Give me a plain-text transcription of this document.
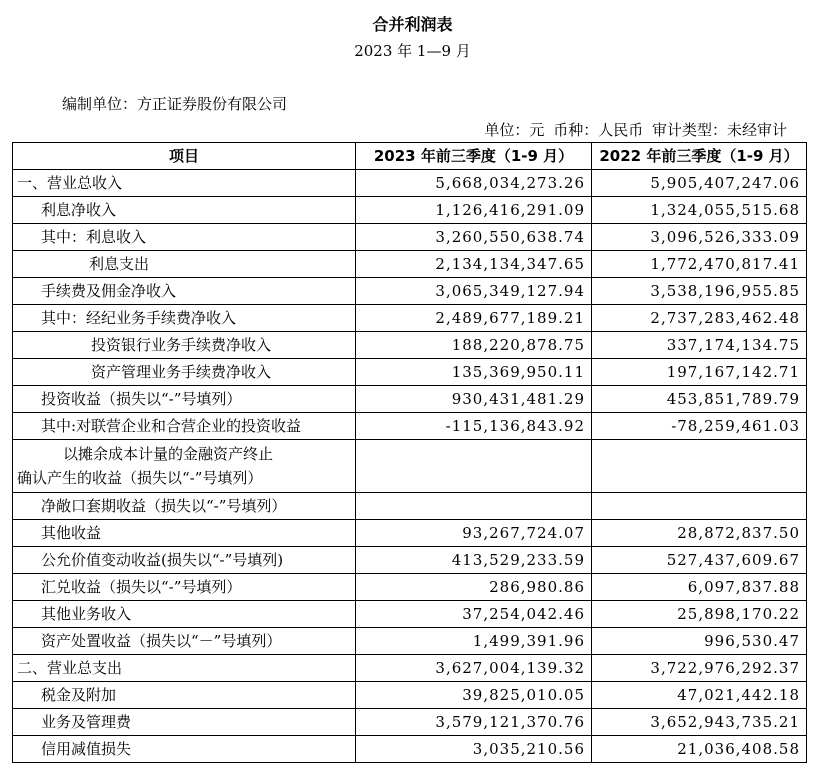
合并利润表
2023 年 1—9 月
编制单位：方正证券股份有限公司
单位：元 币种：人民币 审计类型：未经审计
项目	2023 年前三季度（1-9 月）	2022 年前三季度（1-9 月）
一、营业总收入	5,668,034,273.26	5,905,407,247.06
利息净收入	1,126,416,291.09	1,324,055,515.68
其中：利息收入	3,260,550,638.74	3,096,526,333.09
利息支出	2,134,134,347.65	1,772,470,817.41
手续费及佣金净收入	3,065,349,127.94	3,538,196,955.85
其中：经纪业务手续费净收入	2,489,677,189.21	2,737,283,462.48
投资银行业务手续费净收入	188,220,878.75	337,174,134.75
资产管理业务手续费净收入	135,369,950.11	197,167,142.71
投资收益（损失以“-”号填列）	930,431,481.29	453,851,789.79
其中:对联营企业和合营企业的投资收益	-115,136,843.92	-78,259,461.03

以摊余成本计量的金融资产终止
确认产生的收益（损失以“-”号填列）		

净敞口套期收益（损失以“-”号填列）		
其他收益	93,267,724.07	28,872,837.50
公允价值变动收益(损失以“-”号填列)	413,529,233.59	527,437,609.67
汇兑收益（损失以“-”号填列）	286,980.86	6,097,837.88
其他业务收入	37,254,042.46	25,898,170.22
资产处置收益（损失以“－”号填列）	1,499,391.96	996,530.47
二、营业总支出	3,627,004,139.32	3,722,976,292.37
税金及附加	39,825,010.05	47,021,442.18
业务及管理费	3,579,121,370.76	3,652,943,735.21
信用减值损失	3,035,210.56	21,036,408.58
